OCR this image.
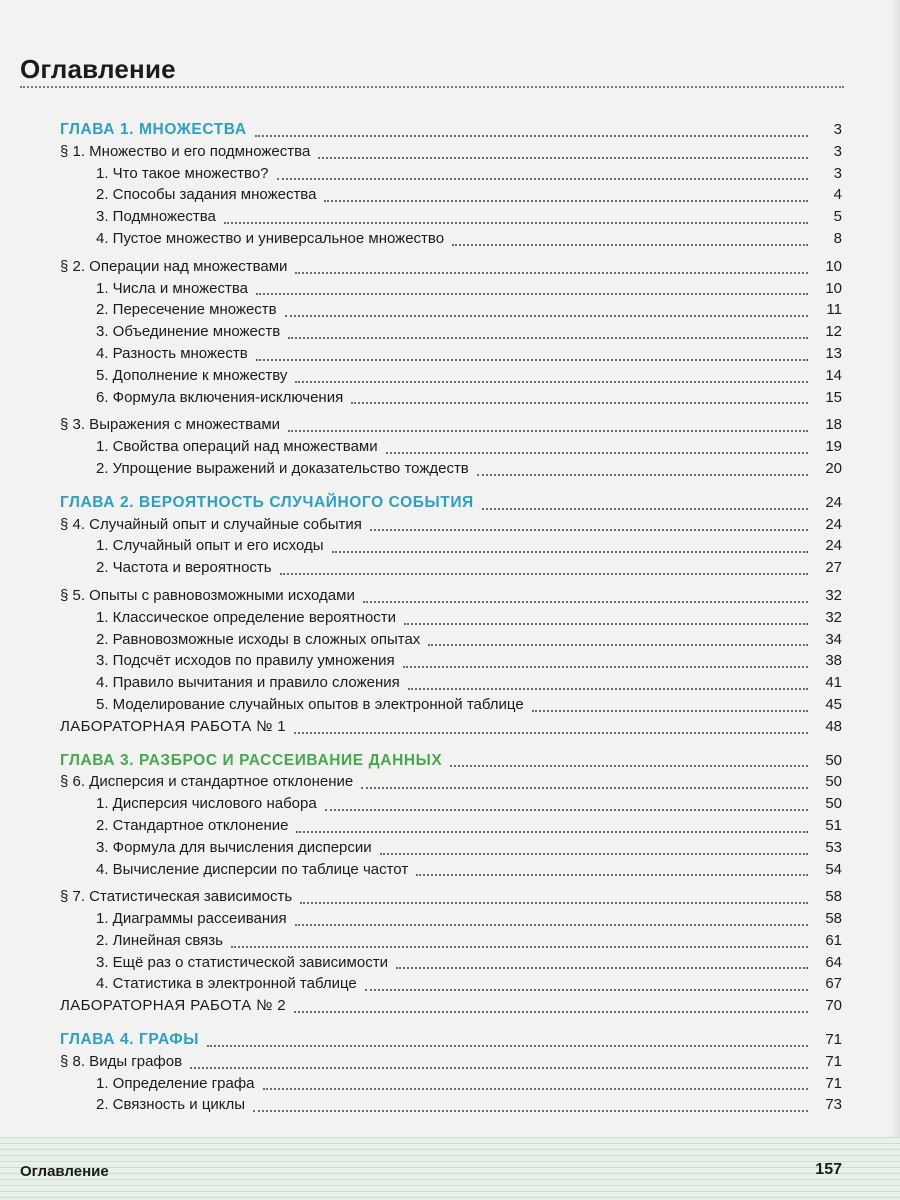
Оглавление
ГЛАВА 1. МНОЖЕСТВА	3
§ 1. Множество и его подмножества	3
1. Что такое множество?	3
2. Способы задания множества	4
3. Подмножества	5
4. Пустое множество и универсальное множество	8
§ 2. Операции над множествами	10
1. Числа и множества	10
2. Пересечение множеств	11
3. Объединение множеств	12
4. Разность множеств	13
5. Дополнение к множеству	14
6. Формула включения-исключения	15
§ 3. Выражения с множествами	18
1. Свойства операций над множествами	19
2. Упрощение выражений и доказательство тождеств	20
ГЛАВА 2. ВЕРОЯТНОСТЬ СЛУЧАЙНОГО СОБЫТИЯ	24
§ 4. Случайный опыт и случайные события	24
1. Случайный опыт и его исходы	24
2. Частота и вероятность	27
§ 5. Опыты с равновозможными исходами	32
1. Классическое определение вероятности	32
2. Равновозможные исходы в сложных опытах	34
3. Подсчёт исходов по правилу умножения	38
4. Правило вычитания и правило сложения	41
5. Моделирование случайных опытов в электронной таблице	45
ЛАБОРАТОРНАЯ РАБОТА № 1	48
ГЛАВА 3. РАЗБРОС И РАССЕИВАНИЕ ДАННЫХ	50
§ 6. Дисперсия и стандартное отклонение	50
1. Дисперсия числового набора	50
2. Стандартное отклонение	51
3. Формула для вычисления дисперсии	53
4. Вычисление дисперсии по таблице частот	54
§ 7. Статистическая зависимость	58
1. Диаграммы рассеивания	58
2. Линейная связь	61
3. Ещё раз о статистической зависимости	64
4. Статистика в электронной таблице	67
ЛАБОРАТОРНАЯ РАБОТА № 2	70
ГЛАВА 4. ГРАФЫ	71
§ 8. Виды графов	71
1. Определение графа	71
2. Связность и циклы	73
Оглавление	157
